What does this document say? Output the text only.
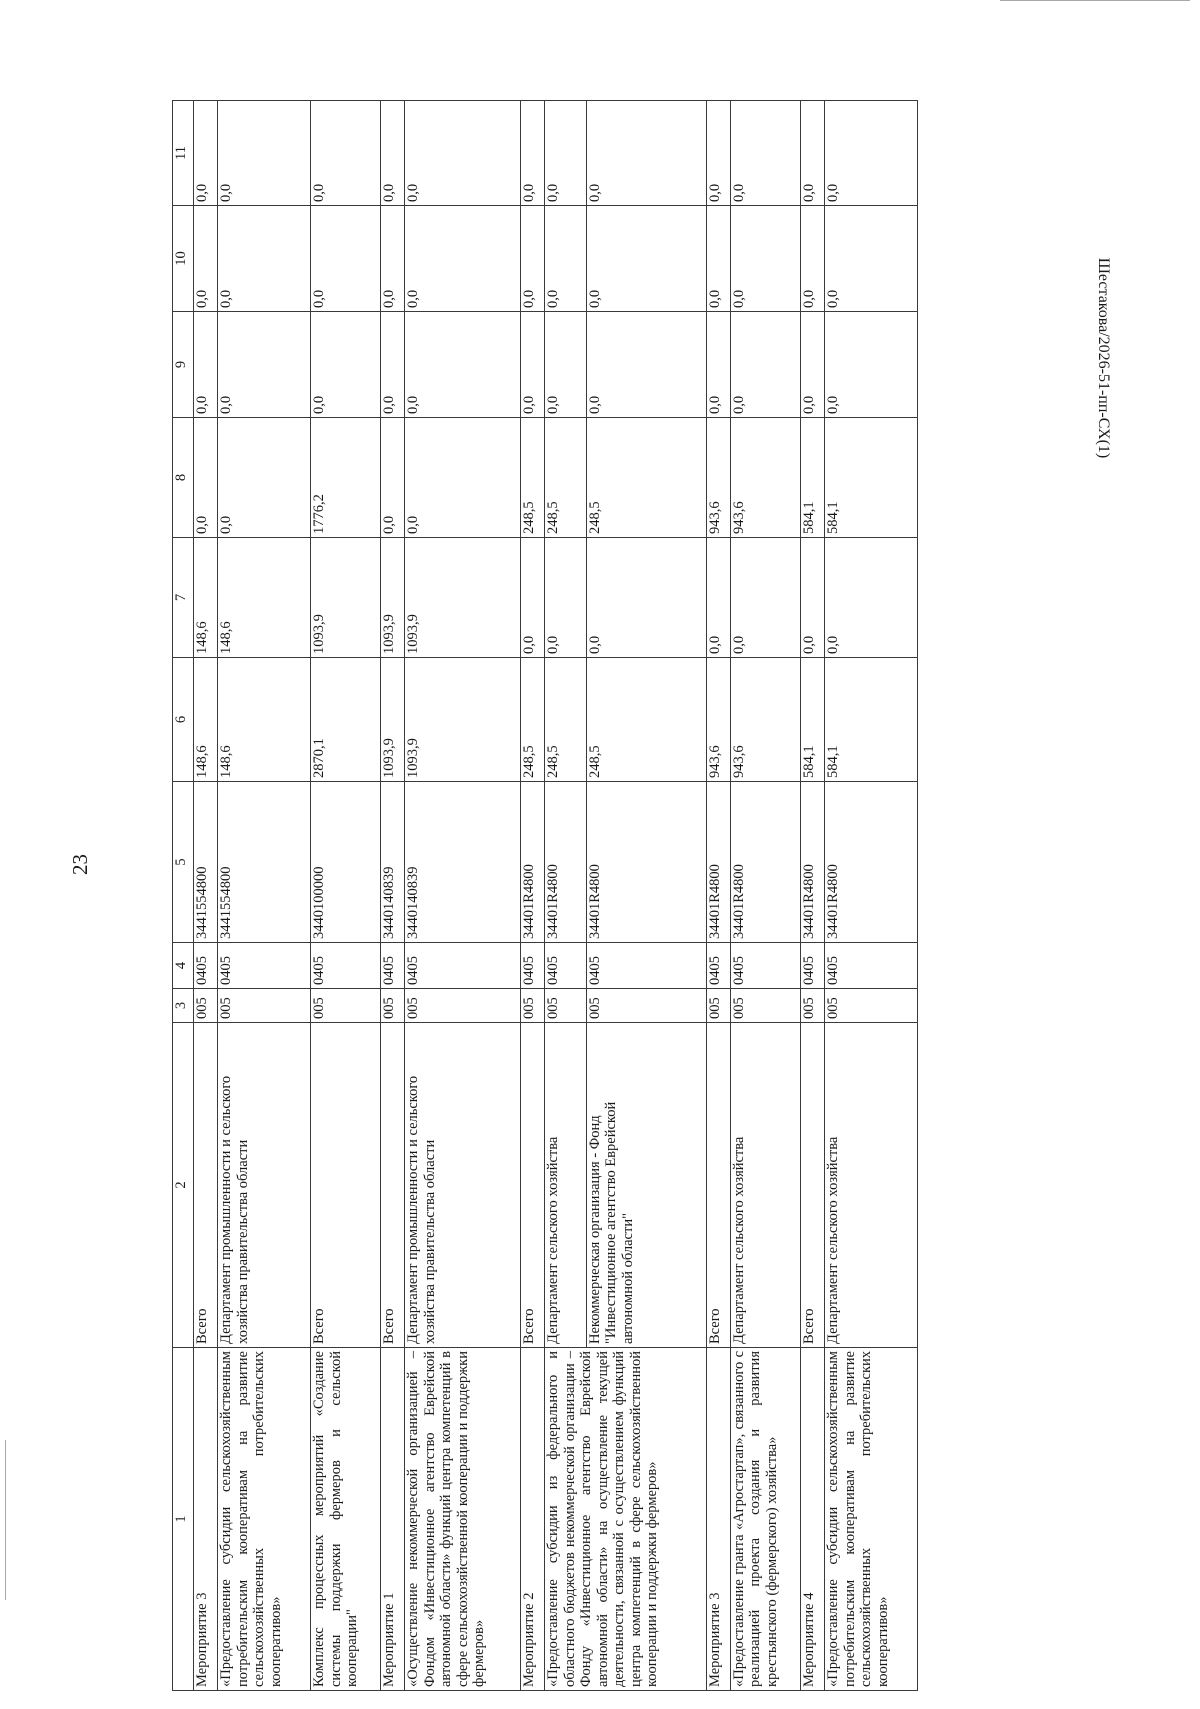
23
Шестакова/2026-51-пп-СХ(1)
1	2	3	4	5	6	7	8	9	10	11
Мероприятие 3	Всего	005	0405	3441554800	148,6	148,6	0,0	0,0	0,0	0,0
«Предоставление субсидии сельскохозяйственным потребительским кооперативам на развитие сельскохозяйственных потребительских кооперативов»	Департамент промышленности и сельского хозяйства правительства области	005	0405	3441554800	148,6	148,6	0,0	0,0	0,0	0,0
Комплекс процессных мероприятий «Создание системы поддержки фермеров и сельской кооперации"	Всего	005	0405	3440100000	2870,1	1093,9	1776,2	0,0	0,0	0,0
Мероприятие 1	Всего	005	0405	3440140839	1093,9	1093,9	0,0	0,0	0,0	0,0
«Осуществление некоммерческой организацией – Фондом «Инвестиционное агентство Еврейской автономной области» функций центра компетенций в сфере сельскохозяйственной кооперации и поддержки фермеров»	Департамент промышленности и сельского хозяйства правительства области	005	0405	3440140839	1093,9	1093,9	0,0	0,0	0,0	0,0
Мероприятие 2	Всего	005	0405	34401R4800	248,5	0,0	248,5	0,0	0,0	0,0
«Предоставление субсидии из федерального и областного бюджетов некоммерческой организации – Фонду «Инвестиционное агентство Еврейской автономной области» на осуществление текущей деятельности, связанной с осуществлением функций центра компетенций в сфере сельскохозяйственной кооперации и поддержки фермеров»	Департамент сельского хозяйства	005	0405	34401R4800	248,5	0,0	248,5	0,0	0,0	0,0
	Некоммерческая организация - Фонд "Инвестиционное агентство Еврейской автономной области"	005	0405	34401R4800	248,5	0,0	248,5	0,0	0,0	0,0
Мероприятие 3	Всего	005	0405	34401R4800	943,6	0,0	943,6	0,0	0,0	0,0
«Предоставление гранта «Агростартап», связанного с реализацией проекта создания и развития крестьянского (фермерского) хозяйства»	Департамент сельского хозяйства	005	0405	34401R4800	943,6	0,0	943,6	0,0	0,0	0,0
Мероприятие 4	Всего	005	0405	34401R4800	584,1	0,0	584,1	0,0	0,0	0,0
«Предоставление субсидии сельскохозяйственным потребительским кооперативам на развитие сельскохозяйственных потребительских кооперативов»	Департамент сельского хозяйства	005	0405	34401R4800	584,1	0,0	584,1	0,0	0,0	0,0
